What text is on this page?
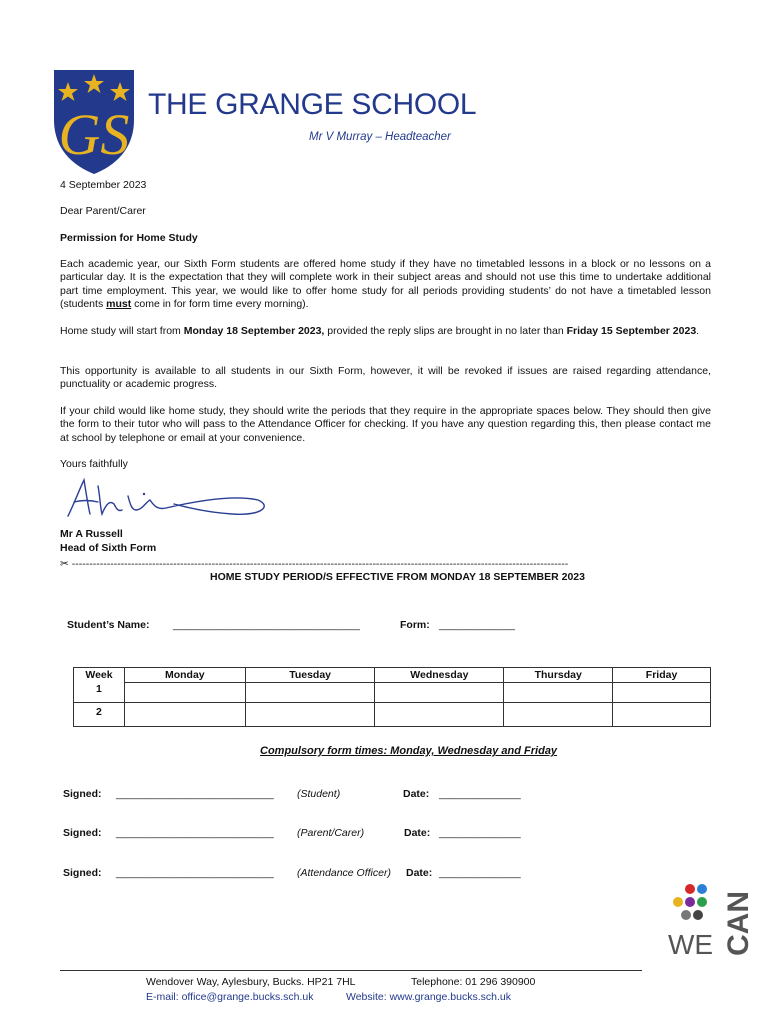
GS THE GRANGE SCHOOL
Mr V Murray – Headteacher
4 September 2023
Dear Parent/Carer
Permission for Home Study
Each academic year, our Sixth Form students are offered home study if they have no timetabled lessons in a block or no lessons on a particular day. It is the expectation that they will complete work in their subject areas and should not use this time to undertake additional part time employment. This year, we would like to offer home study for all periods providing students’ do not have a timetabled lesson (students must come in for form time every morning).
Home study will start from Monday 18 September 2023, provided the reply slips are brought in no later than Friday 15 September 2023.
This opportunity is available to all students in our Sixth Form, however, it will be revoked if issues are raised regarding attendance, punctuality or academic progress.
If your child would like home study, they should write the periods that they require in the appropriate spaces below. They should then give the form to their tutor who will pass to the Attendance Officer for checking. If you have any question regarding this, then please contact me at school by telephone or email at your convenience.
Yours faithfully
Mr A Russell
Head of Sixth Form
✂ ----------------------------------------------------------------------------------------------------------------------------------------------
HOME STUDY PERIOD/S EFFECTIVE FROM MONDAY 18 SEPTEMBER 2023
Student’s Name: ________________________________	Form: _____________
Week	Monday	Tuesday	Wednesday	Thursday	Friday
1					
2					
Compulsory form times: Monday, Wednesday and Friday
Signed: ___________________________ (Student)	Date: ______________
Signed: ___________________________ (Parent/Carer)	Date: ______________
Signed: ___________________________ (Attendance Officer) Date: ______________
WE CAN
Wendover Way, Aylesbury, Bucks. HP21 7HL	Telephone: 01 296 390900
E-mail: office@grange.bucks.sch.uk	Website: www.grange.bucks.sch.uk
